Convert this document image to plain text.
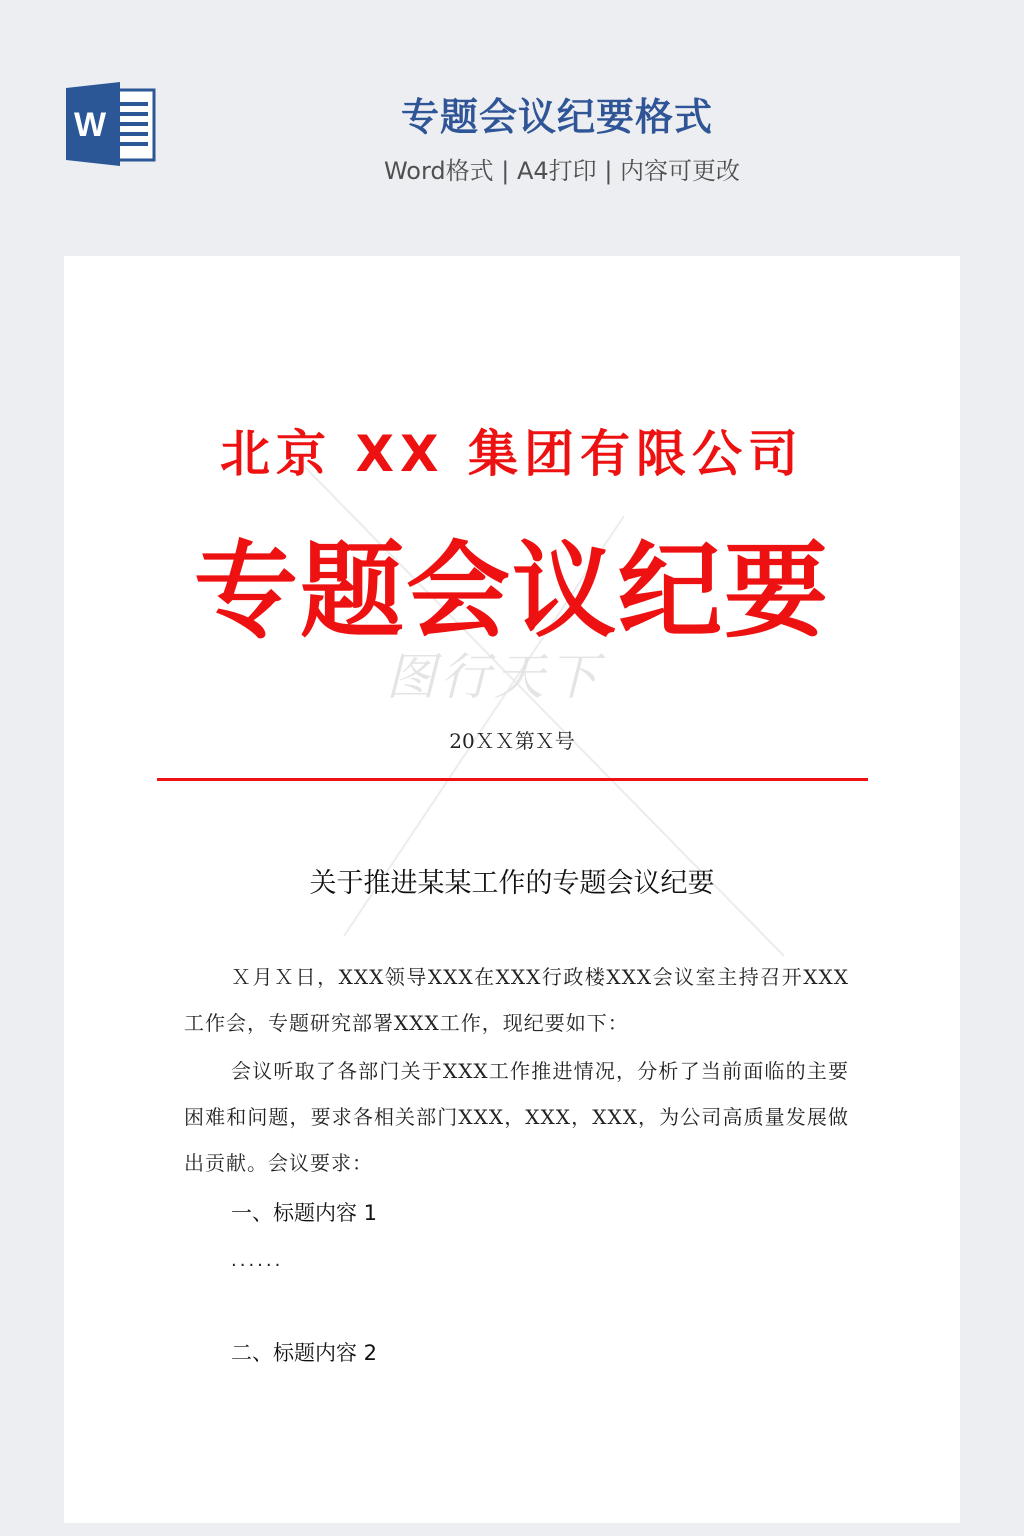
W	专题会议纪要格式
Word格式 | A4打印 | 内容可更改
图行天下
北京 XX 集团有限公司
专题会议纪要
20ＸＸ第Ｘ号
关于推进某某工作的专题会议纪要
Ｘ月Ｘ日，XXX领导XXX在XXX行政楼XXX会议室主持召开XXX工作会，专题研究部署XXX工作，现纪要如下：
会议听取了各部门关于XXX工作推进情况，分析了当前面临的主要困难和问题，要求各相关部门XXX，XXX，XXX，为公司高质量发展做出贡献。会议要求：
一、标题内容 1
......
二、标题内容 2
